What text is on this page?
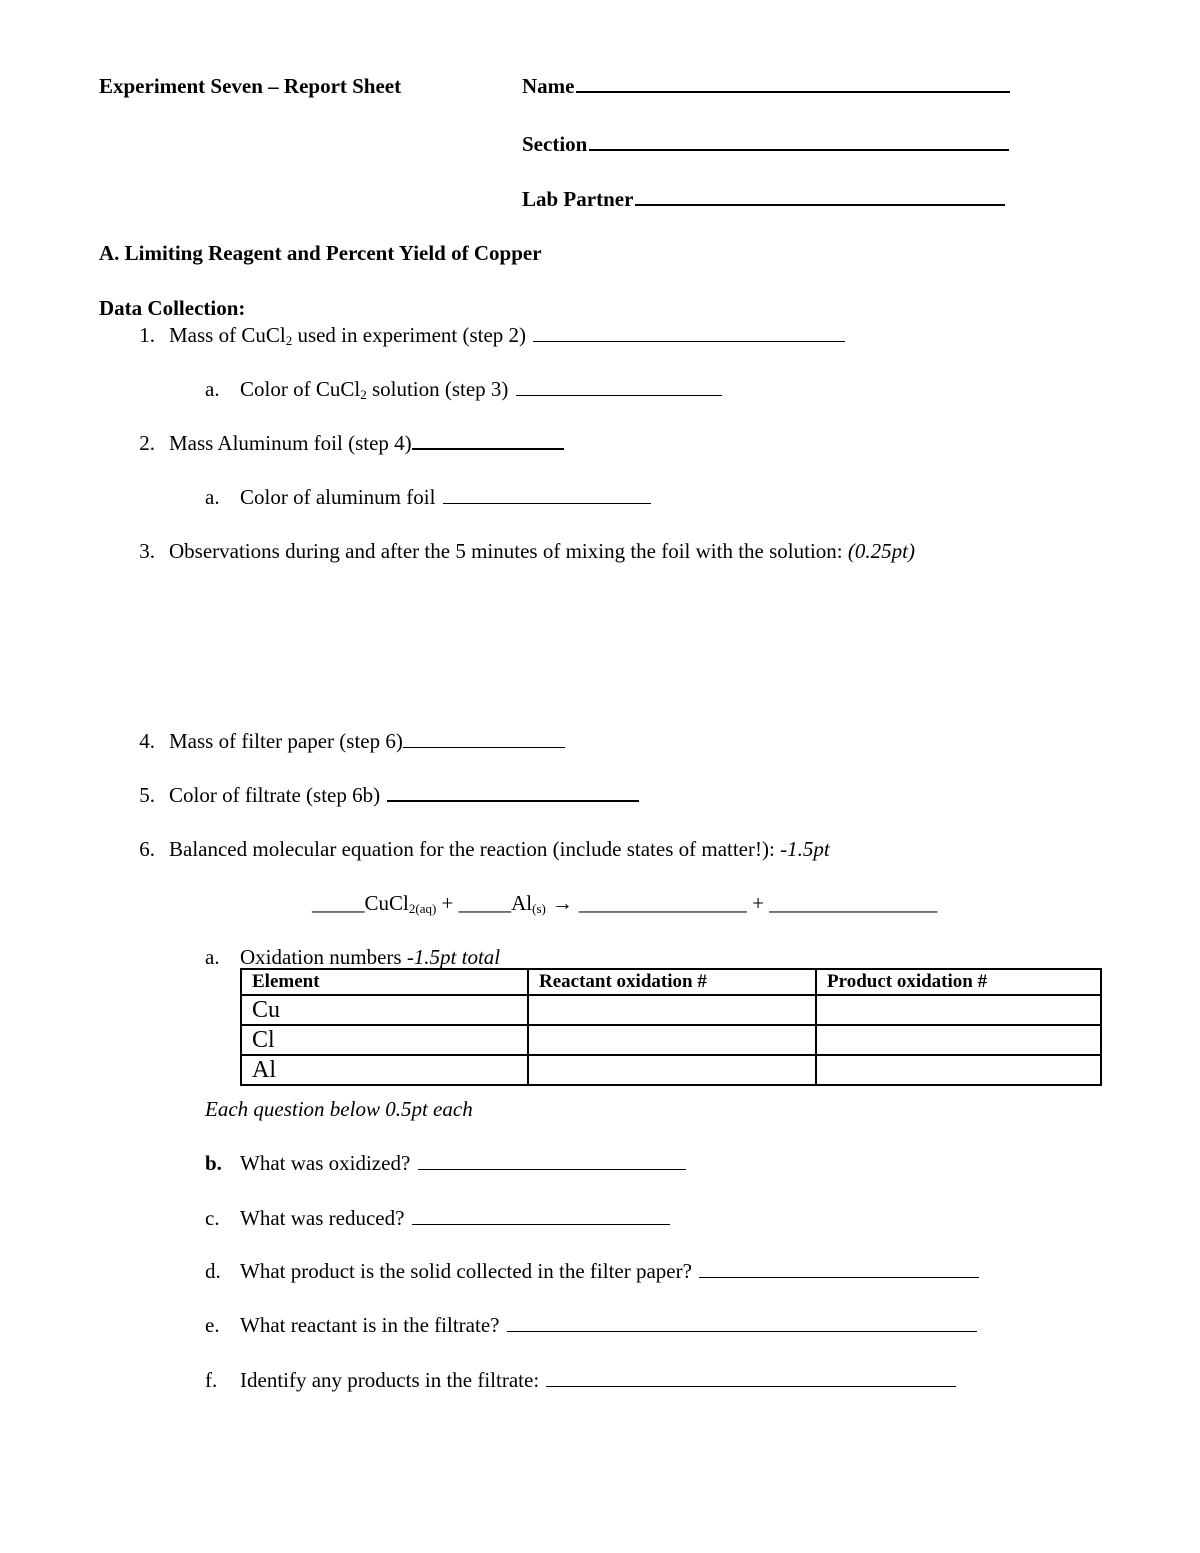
Experiment Seven – Report Sheet	Name
Section
Lab Partner
A. Limiting Reagent and Percent Yield of Copper
Data Collection:
1. Mass of CuCl$_2$ used in experiment (step 2)
a. Color of CuCl$_2$ solution (step 3)
2. Mass Aluminum foil (step 4)
a. Color of aluminum foil
3. Observations during and after the 5 minutes of mixing the foil with the solution: (0.25pt)
4. Mass of filter paper (step 6)
5. Color of filtrate (step 6b)
6. Balanced molecular equation for the reaction (include states of matter!): -1.5pt
_____CuCl$_{2(aq)}$ + $\_\_\_\_\_Al_{(s)}$ → ________________ + ________________
a. Oxidation numbers -1.5pt total
Element	Reactant oxidation #	Product oxidation #
Cu		
Cl		
Al		
Each question below 0.5pt each
b. What was oxidized?
c. What was reduced?
d. What product is the solid collected in the filter paper?
e. What reactant is in the filtrate?
f. Identify any products in the filtrate:
